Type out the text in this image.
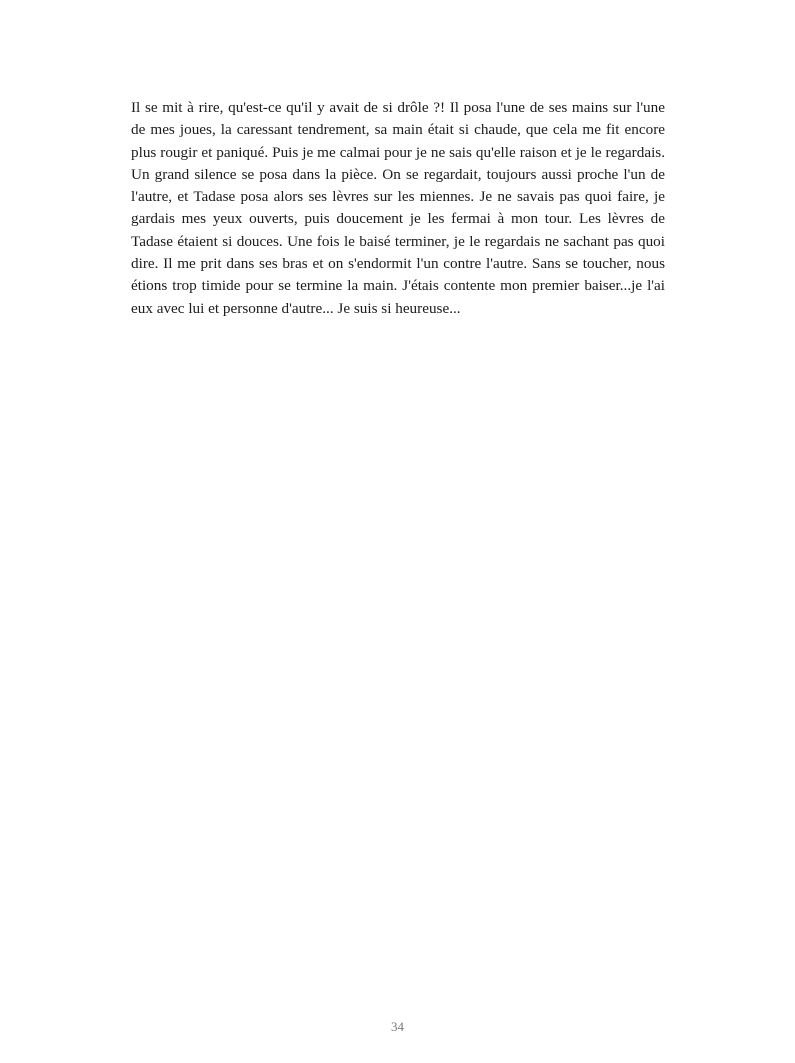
Il se mit à rire, qu'est-ce qu'il y avait de si drôle ?! Il posa l'une de ses mains sur l'une de mes joues, la caressant tendrement, sa main était si chaude, que cela me fit encore plus rougir et paniqué. Puis je me calmai pour je ne sais qu'elle raison et je le regardais. Un grand silence se posa dans la pièce. On se regardait, toujours aussi proche l'un de l'autre, et Tadase posa alors ses lèvres sur les miennes. Je ne savais pas quoi faire, je gardais mes yeux ouverts, puis doucement je les fermai à mon tour. Les lèvres de Tadase étaient si douces. Une fois le baisé terminer, je le regardais ne sachant pas quoi dire. Il me prit dans ses bras et on s'endormit l'un contre l'autre. Sans se toucher, nous étions trop timide pour se termine la main. J'étais contente mon premier baiser...je l'ai eux avec lui et personne d'autre... Je suis si heureuse...

34
